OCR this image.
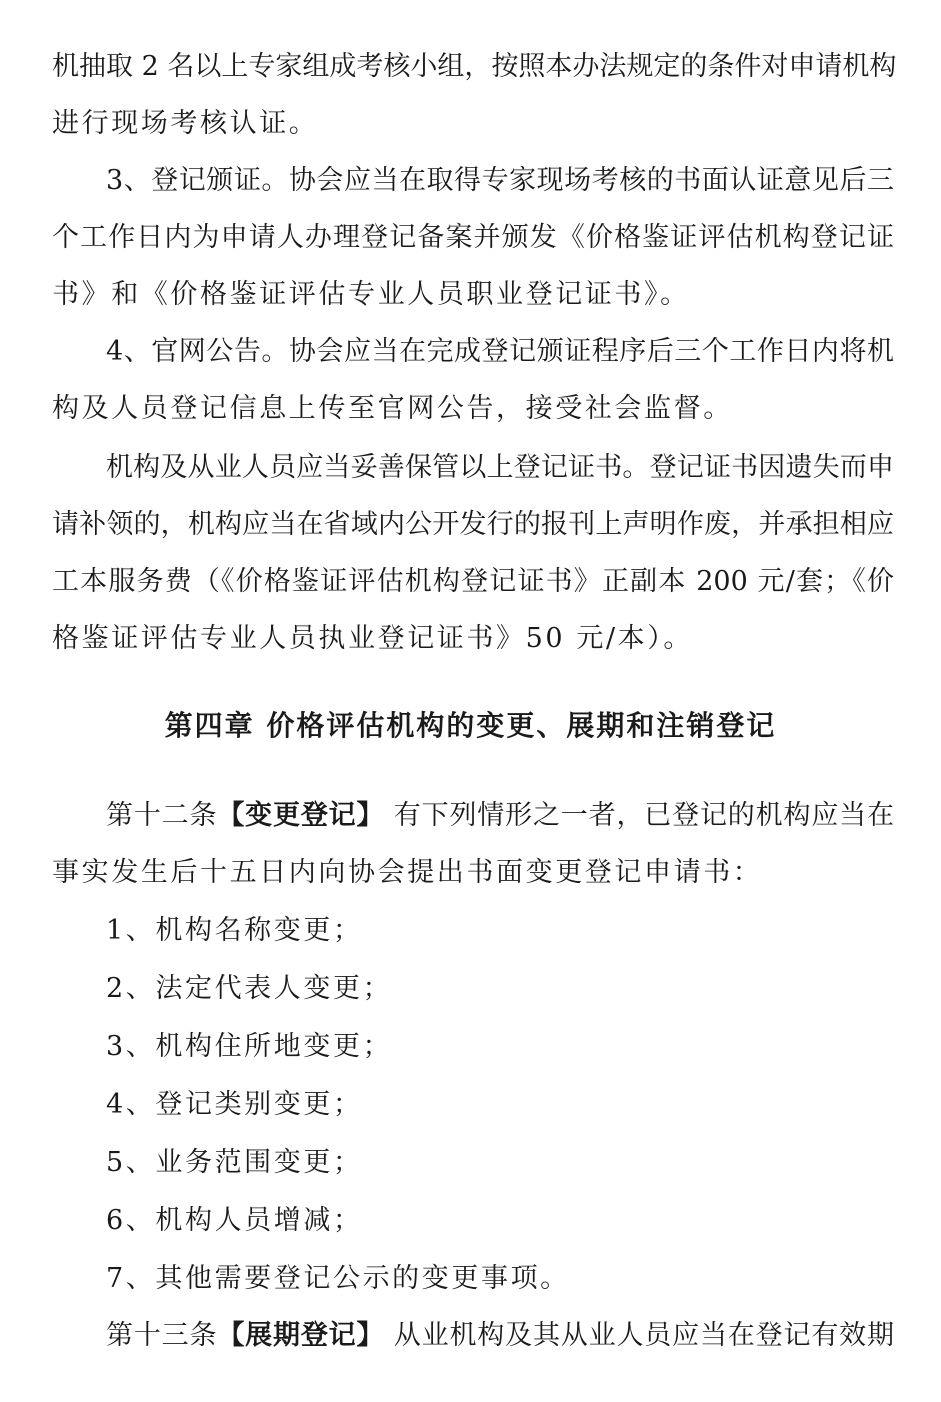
机抽取 2 名以上专家组成考核小组，按照本办法规定的条件对申请机构
进行现场考核认证。
3、登记颁证。协会应当在取得专家现场考核的书面认证意见后三
个工作日内为申请人办理登记备案并颁发《价格鉴证评估机构登记证
书》和《价格鉴证评估专业人员职业登记证书》。
4、官网公告。协会应当在完成登记颁证程序后三个工作日内将机
构及人员登记信息上传至官网公告，接受社会监督。
机构及从业人员应当妥善保管以上登记证书。登记证书因遗失而申
请补领的，机构应当在省域内公开发行的报刊上声明作废，并承担相应
工本服务费（《价格鉴证评估机构登记证书》正副本 200 元/套；《价
格鉴证评估专业人员执业登记证书》50 元/本）。
第四章 价格评估机构的变更、展期和注销登记
第十二条【变更登记】 有下列情形之一者，已登记的机构应当在
事实发生后十五日内向协会提出书面变更登记申请书：
1、机构名称变更；
2、法定代表人变更；
3、机构住所地变更；
4、登记类别变更；
5、业务范围变更；
6、机构人员增减；
7、其他需要登记公示的变更事项。
第十三条【展期登记】 从业机构及其从业人员应当在登记有效期
